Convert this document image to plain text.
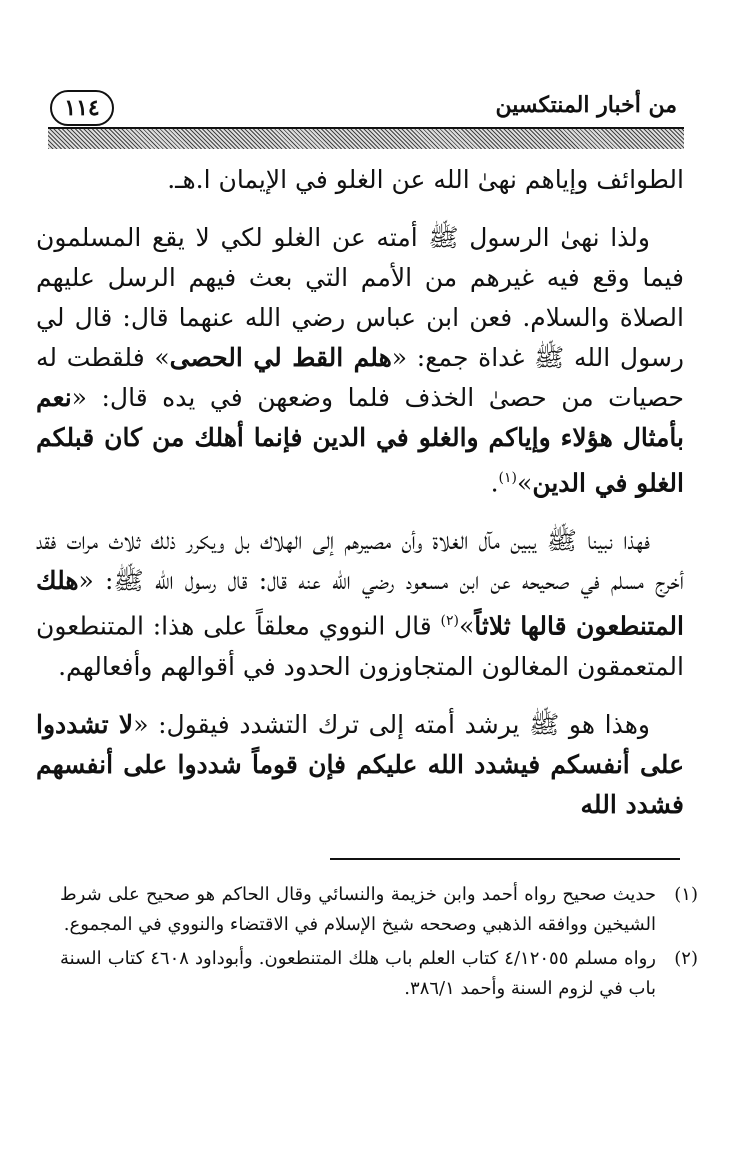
من أخبار المنتكسين
١١٤

الطوائف وإياهم نهىٰ الله عن الغلو في الإيمان ا.هـ.

ولذا نهىٰ الرسول ﷺ أمته عن الغلو لكي لا يقع المسلمون فيما وقع فيه غيرهم من الأمم التي بعث فيهم الرسل عليهم الصلاة والسلام. فعن ابن عباس رضي الله عنهما قال: قال لي رسول الله ﷺ غداة جمع: «هلم القط لي الحصى» فلقطت له حصيات من حصىٰ الخذف فلما وضعهن في يده قال: «نعم بأمثال هؤلاء وإياكم والغلو في الدين فإنما أهلك من كان قبلكم الغلو في الدين»$^{(١)}$.

فهذا نبينا ﷺ يبين مآل الغلاة وأن مصيرهم إلى الهلاك بل ويكرر ذلك ثلاث مرات فقد أخرج مسلم في صحيحه عن ابن مسعود رضي الله عنه قال: قال رسول الله ﷺ: «هلك المتنطعون قالها ثلاثاً»$^{(٢)}$ قال النووي معلقاً على هذا: المتنطعون المتعمقون المغالون المتجاوزون الحدود في أقوالهم وأفعالهم.

وهذا هو ﷺ يرشد أمته إلى ترك التشدد فيقول: «لا تشددوا على أنفسكم فيشدد الله عليكم فإن قوماً شددوا على أنفسهم فشدد الله

(١)
حديث صحيح رواه أحمد وابن خزيمة والنسائي وقال الحاكم هو صحيح على شرط الشيخين ووافقه الذهبي وصححه شيخ الإسلام في الاقتضاء والنووي في المجموع.
(٢)
رواه مسلم ٤/١٢٠٥٥ كتاب العلم باب هلك المتنطعون. وأبوداود ٤٦٠٨ كتاب السنة باب في لزوم السنة وأحمد ٣٨٦/١.
